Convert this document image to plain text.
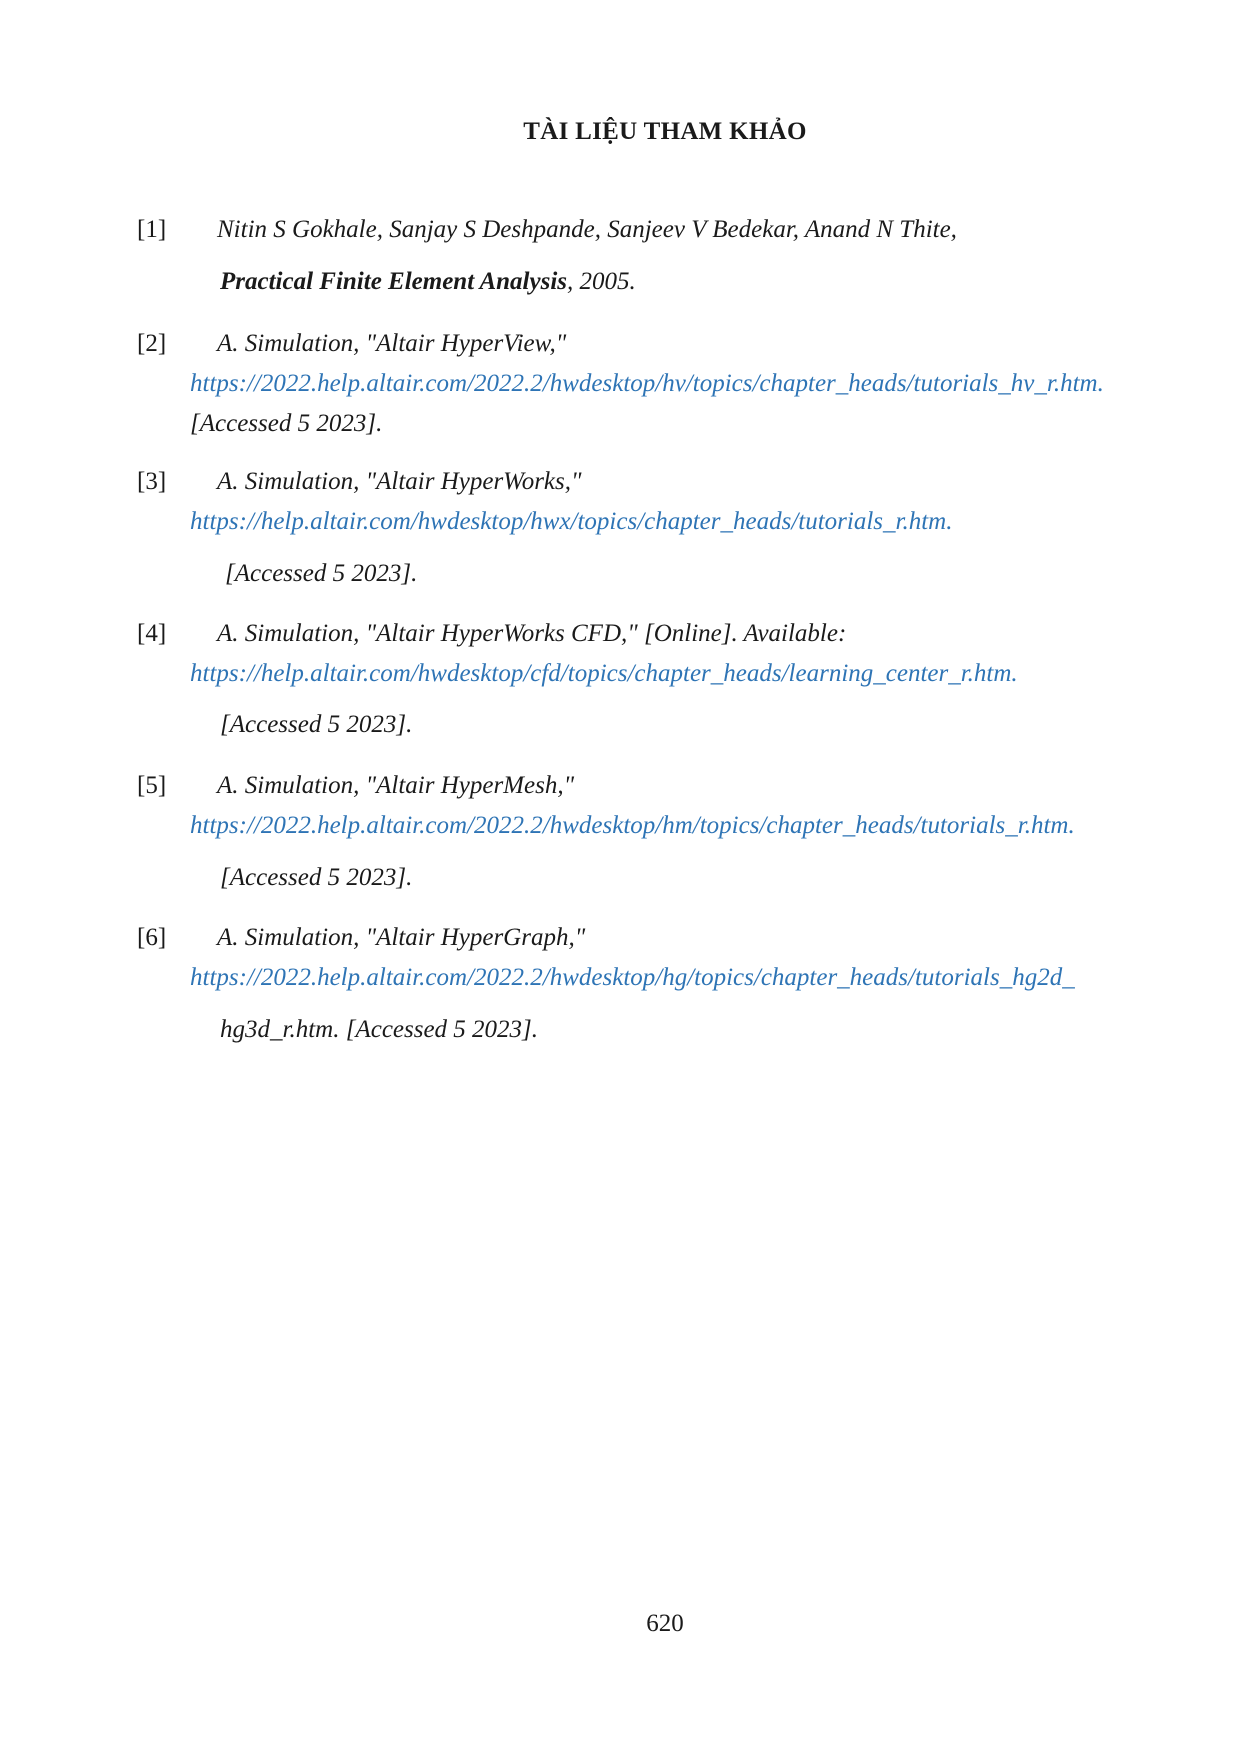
TÀI LIỆU THAM KHẢO
[1] Nitin S Gokhale, Sanjay S Deshpande, Sanjeev V Bedekar, Anand N Thite,
Practical Finite Element Analysis, 2005.
[2] A. Simulation, "Altair HyperView,"
https://2022.help.altair.com/2022.2/hwdesktop/hv/topics/chapter_heads/tutorials_hv_r.htm.
[Accessed 5 2023].
[3] A. Simulation, "Altair HyperWorks,"
https://help.altair.com/hwdesktop/hwx/topics/chapter_heads/tutorials_r.htm.
[Accessed 5 2023].
[4] A. Simulation, "Altair HyperWorks CFD," [Online]. Available:
https://help.altair.com/hwdesktop/cfd/topics/chapter_heads/learning_center_r.htm.
[Accessed 5 2023].
[5] A. Simulation, "Altair HyperMesh,"
https://2022.help.altair.com/2022.2/hwdesktop/hm/topics/chapter_heads/tutorials_r.htm.
[Accessed 5 2023].
[6] A. Simulation, "Altair HyperGraph,"
https://2022.help.altair.com/2022.2/hwdesktop/hg/topics/chapter_heads/tutorials_hg2d_
hg3d_r.htm. [Accessed 5 2023].
620
